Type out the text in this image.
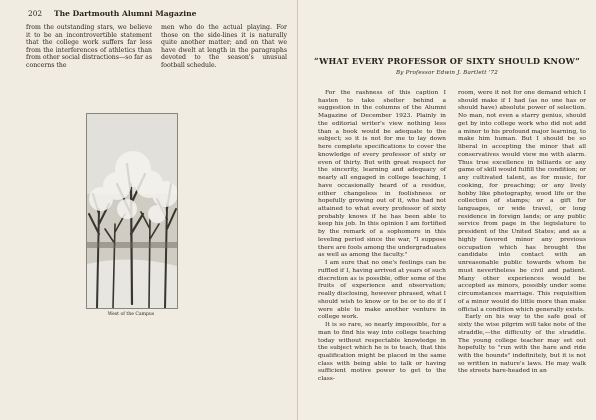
202	The Dartmouth Alumni Magazine

from the outstanding stars, we believe it to be an incontrovertible statement that the college work suffers far less from the interferences of athletics than from other social distractions—so far as concerns the

men who do the actual playing. For those on the side-lines it is naturally quite another matter; and on that we have dwelt at length in the paragraphs devoted to the season's unusual football schedule.

West of the Campus
“WHAT EVERY PROFESSOR OF SIXTY SHOULD KNOW”
By Professor Edwin J. Bartlett '72

For the rashness of this caption I hasten to take shelter behind a suggestion in the columns of the Alumni Magazine of December 1923. Plainly in the editorial writer's view nothing less than a book would be adequate to the subject; so it is not for me to lay down here complete specifications to cover the knowledge of every professor of sixty or even of thirty. But with great respect for the sincerity, learning and adequacy of nearly all engaged in college teaching, I have occasionally heard of a residue, either changeless in foolishness or hopefully growing out of it, who had not attained to what every professor of sixty probably knows if he has been able to keep his job. In this opinion I am fortified by the remark of a sophomore in this leveling period since the war, "I suppose there are fools among the undergraduates as well as among the faculty."

I am sure that no one's feelings can be ruffled if I, having arrived at years of such discretion as is possible, offer some of the fruits of experience and observation; really disclosing, however phrased, what I should wish to know or to be or to do if I were able to make another venture in college work.

It is so rare, so nearly impossible, for a man to find his way into college teaching today without respectable knowledge in the subject which he is to teach, that this qualification might be placed in the same class with being able to talk or having sufficient motive power to get to the class-

room, were it not for one demand which I should make if I had (as no one has or should have) absolute power of selection. No man, not even a starry genius, should get by into college work who did not add a minor to his profound major learning, to make him human. But I should be so liberal in accepting the minor that all conservatives would view me with alarm. Thus true excellence in billiards or any game of skill would fulfill the condition; or any cultivated talent, as for music, for cooking, for preaching; or any lively hobby like photography, wood life or the collection of stamps; or a gift for languages, or wide travel, or long residence in foreign lands; or any public service from page in the legislature to president of the United States; and as a highly favored minor any previous occupation which has brought the candidate into contact with an unreasonable public towards whom he must nevertheless be civil and patient. Many other experiences would be accepted as minors, possibly under some circumstances marriage. This requisition of a minor would do little more than make official a condition which generally exists.

Early on his way to the safe goal of sixty the wise pilgrim will take note of the straddle,—the difficulty of the straddle. The young college teacher may set out hopefully to "run with the hare and ride with the hounds" indefinitely, but it is not so written in nature's laws. He may walk the streets bare-headed in an
